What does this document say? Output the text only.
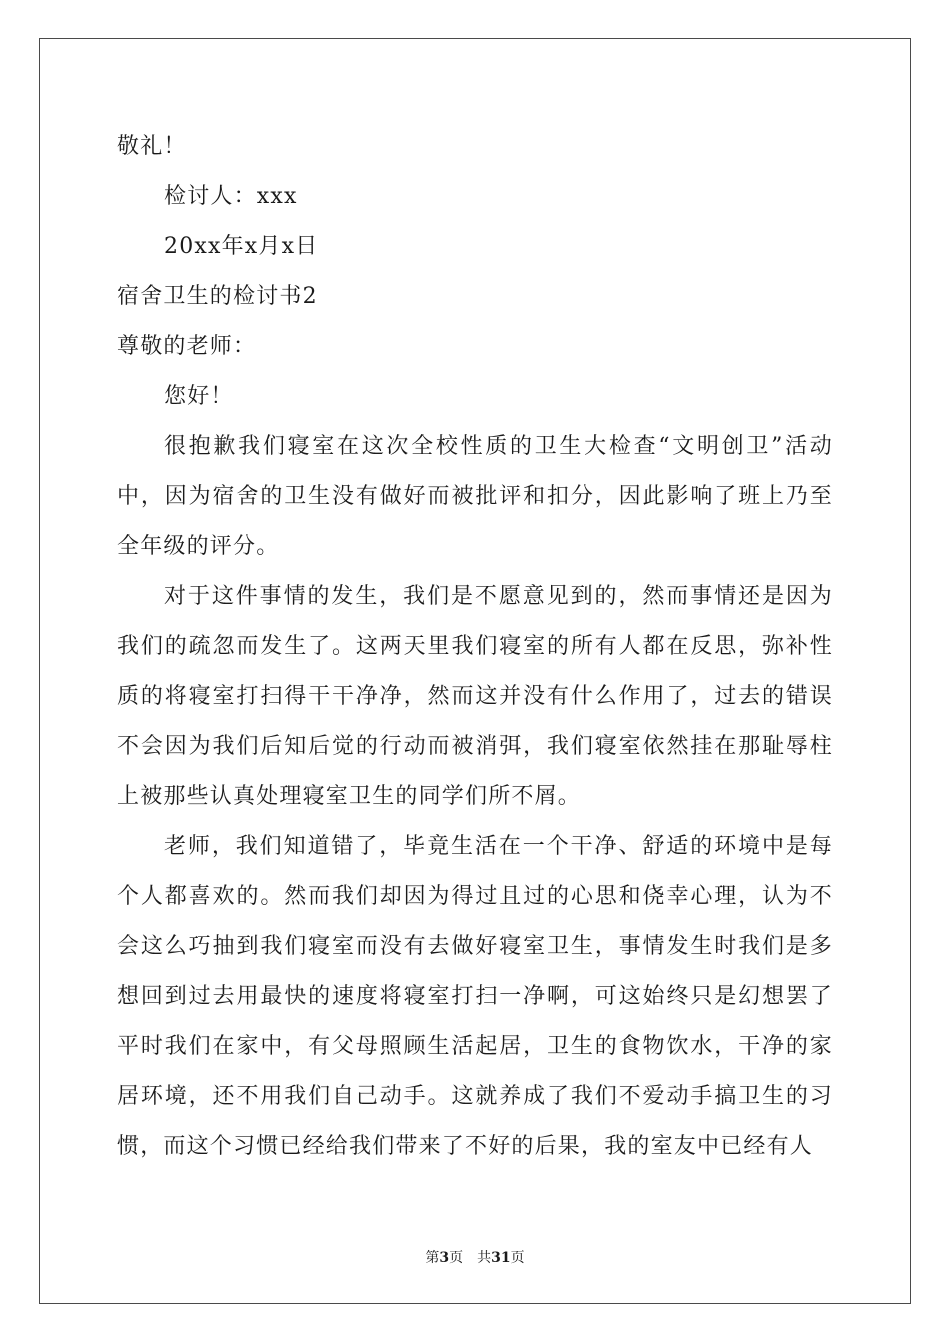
敬礼！

检讨人：xxx

20xx年x月x日

宿舍卫生的检讨书2

尊敬的老师：

您好！

很抱歉我们寝室在这次全校性质的卫生大检查“文明创卫”活动中，因为宿舍的卫生没有做好而被批评和扣分，因此影响了班上乃至全年级的评分。

对于这件事情的发生，我们是不愿意见到的，然而事情还是因为我们的疏忽而发生了。这两天里我们寝室的所有人都在反思，弥补性质的将寝室打扫得干干净净，然而这并没有什么作用了，过去的错误不会因为我们后知后觉的行动而被消弭，我们寝室依然挂在那耻辱柱上被那些认真处理寝室卫生的同学们所不屑。

老师，我们知道错了，毕竟生活在一个干净、舒适的环境中是每个人都喜欢的。然而我们却因为得过且过的心思和侥幸心理，认为不会这么巧抽到我们寝室而没有去做好寝室卫生，事情发生时我们是多想回到过去用最快的速度将寝室打扫一净啊，可这始终只是幻想罢了平时我们在家中，有父母照顾生活起居，卫生的食物饮水，干净的家居环境，还不用我们自己动手。这就养成了我们不爱动手搞卫生的习惯，而这个习惯已经给我们带来了不好的后果，我的室友中已经有人

第3页 共31页
